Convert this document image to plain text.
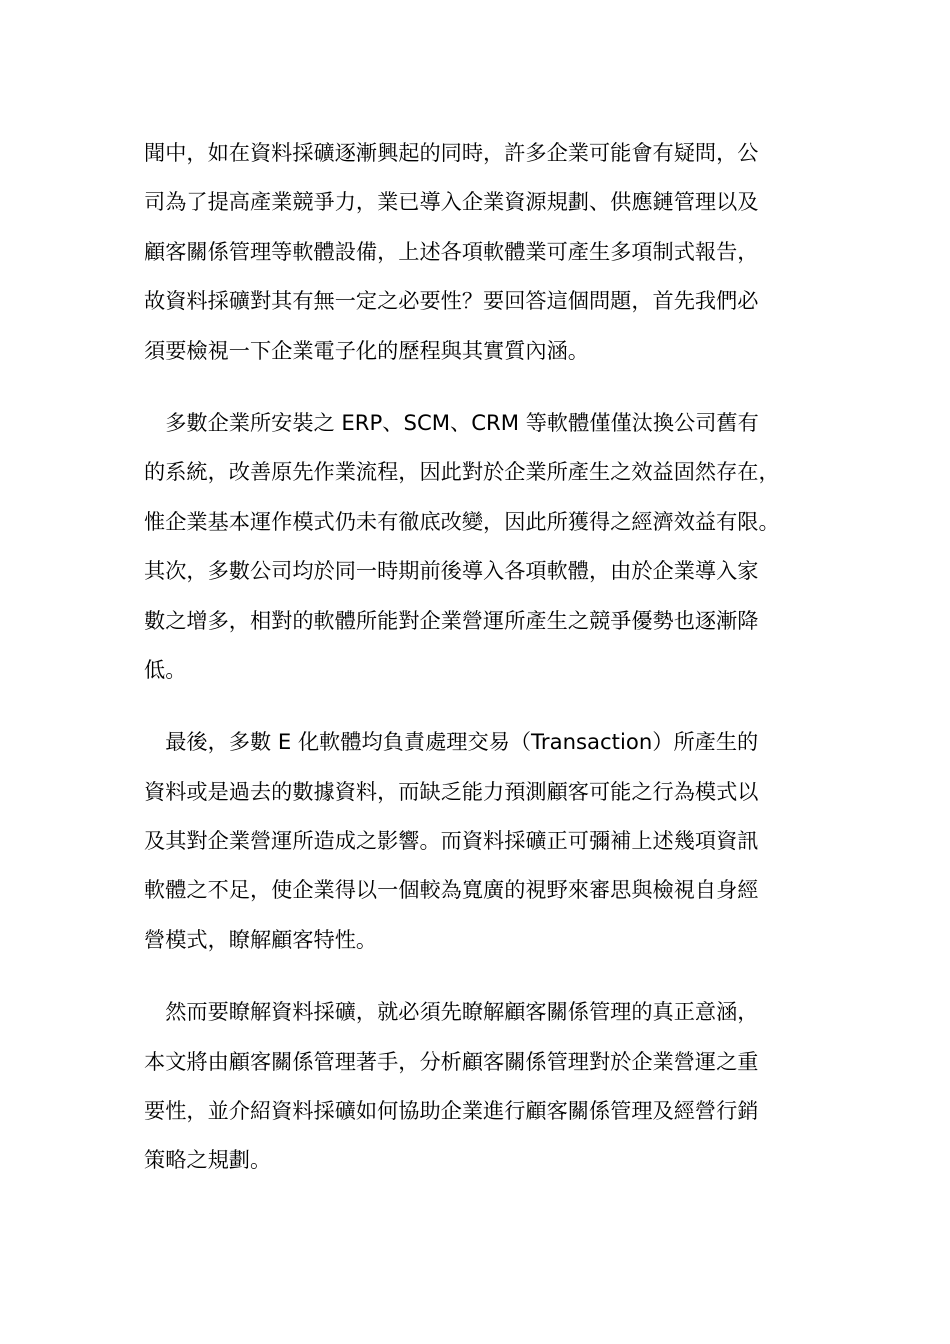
聞中，如在資料採礦逐漸興起的同時，許多企業可能會有疑問，公
司為了提高產業競爭力，業已導入企業資源規劃、供應鏈管理以及
顧客關係管理等軟體設備，上述各項軟體業可產生多項制式報告，
故資料採礦對其有無一定之必要性？要回答這個問題，首先我們必
須要檢視一下企業電子化的歷程與其實質內涵。
　多數企業所安裝之 ERP、SCM、CRM 等軟體僅僅汰換公司舊有
的系統，改善原先作業流程，因此對於企業所產生之效益固然存在，
惟企業基本運作模式仍未有徹底改變，因此所獲得之經濟效益有限。
其次，多數公司均於同一時期前後導入各項軟體，由於企業導入家
數之增多，相對的軟體所能對企業營運所產生之競爭優勢也逐漸降
低。
　最後，多數 E 化軟體均負責處理交易（Transaction）所產生的
資料或是過去的數據資料，而缺乏能力預測顧客可能之行為模式以
及其對企業營運所造成之影響。而資料採礦正可彌補上述幾項資訊
軟體之不足，使企業得以一個較為寬廣的視野來審思與檢視自身經
營模式，瞭解顧客特性。
　然而要瞭解資料採礦，就必須先瞭解顧客關係管理的真正意涵，
本文將由顧客關係管理著手，分析顧客關係管理對於企業營運之重
要性，並介紹資料採礦如何協助企業進行顧客關係管理及經營行銷
策略之規劃。
